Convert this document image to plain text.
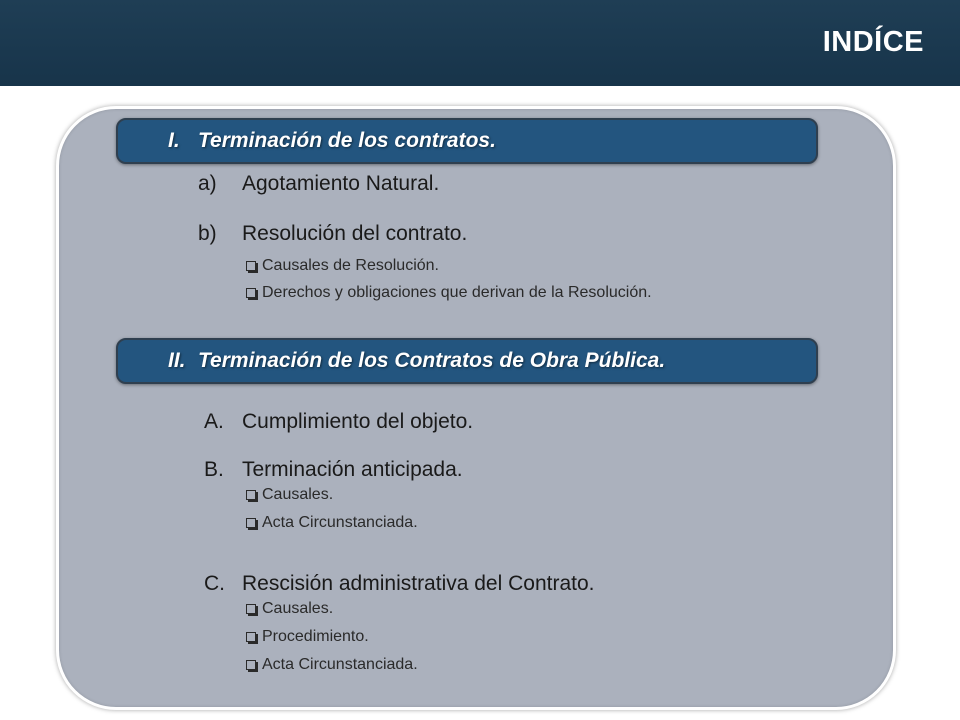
INDÍCE
I. Terminación de los contratos.
a) Agotamiento Natural.
b) Resolución del contrato.
Causales de Resolución.
Derechos y obligaciones que derivan de la Resolución.
II. Terminación de los Contratos de Obra Pública.
A. Cumplimiento del objeto.
B. Terminación anticipada.
Causales.
Acta Circunstanciada.
C. Rescisión administrativa del Contrato.
Causales.
Procedimiento.
Acta Circunstanciada.
